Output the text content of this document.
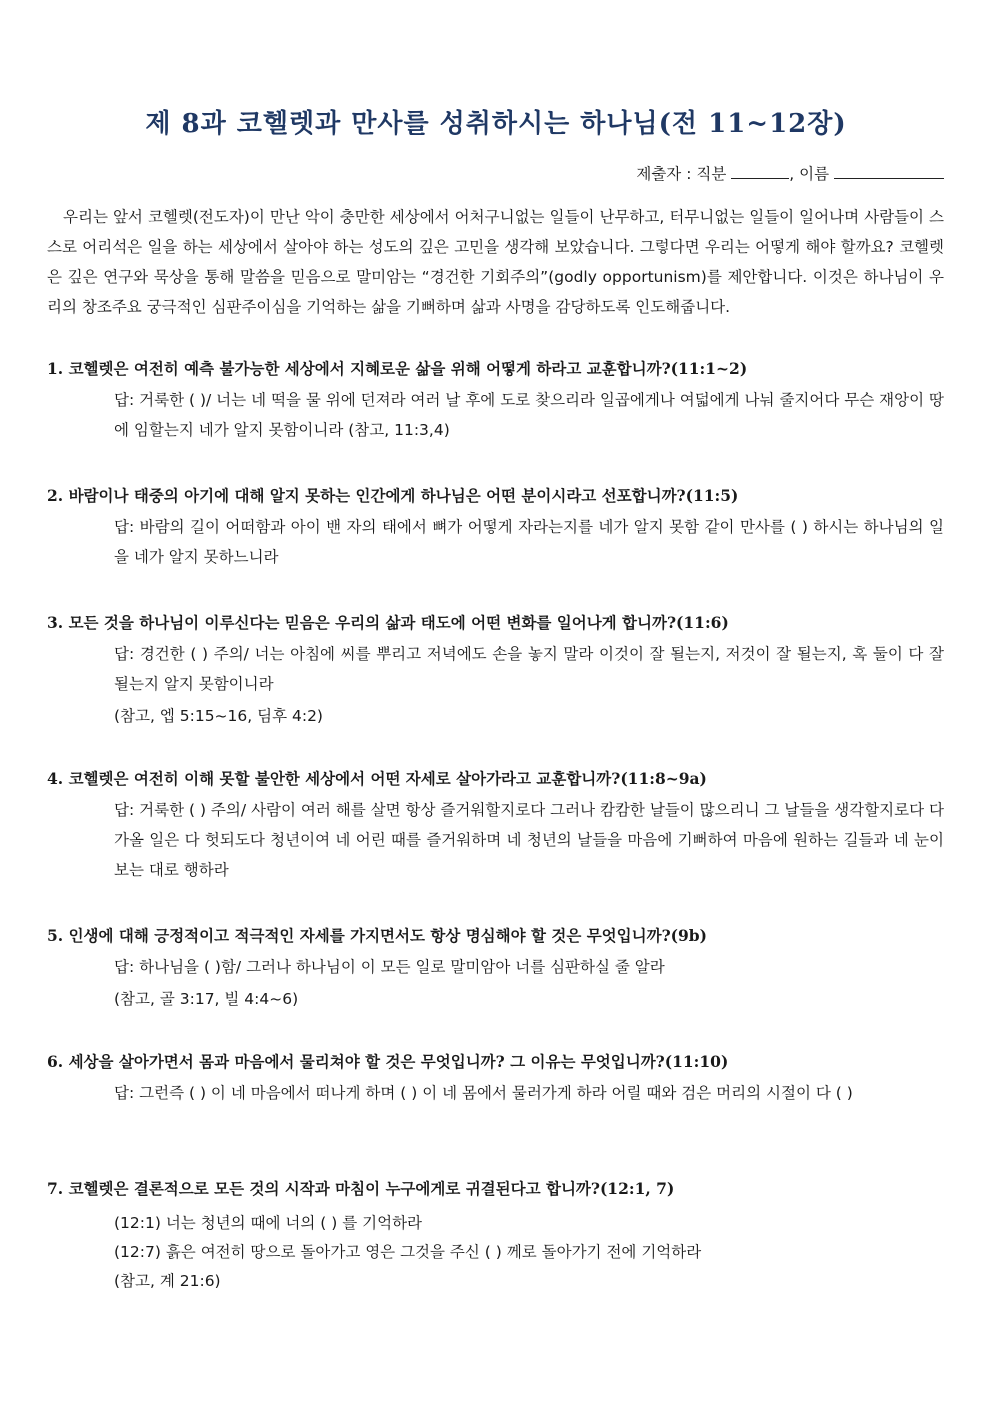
제 8과 코헬렛과 만사를 성취하시는 하나님(전 11~12장)
제출자 : 직분	, 이름

우리는 앞서 코헬렛(전도자)이 만난 악이 충만한 세상에서 어처구니없는 일들이 난무하고, 터무니없는 일들이 일어나며 사람들이 스스로 어리석은 일을 하는 세상에서 살아야 하는 성도의 깊은 고민을 생각해 보았습니다. 그렇다면 우리는 어떻게 해야 할까요? 코헬렛은 깊은 연구와 묵상을 통해 말씀을 믿음으로 말미암는 “경건한 기회주의”(godly opportunism)를 제안합니다. 이것은 하나님이 우리의 창조주요 궁극적인 심판주이심을 기억하는 삶을 기뻐하며 삶과 사명을 감당하도록 인도해줍니다.

1. 코헬렛은 여전히 예측 불가능한 세상에서 지혜로운 삶을 위해 어떻게 하라고 교훈합니까?(11:1~2)

답: 거룩한 ( )/ 너는 네 떡을 물 위에 던져라 여러 날 후에 도로 찾으리라 일곱에게나 여덟에게 나눠 줄지어다 무슨 재앙이 땅에 임할는지 네가 알지 못함이니라 (참고, 11:3,4)

2. 바람이나 태중의 아기에 대해 알지 못하는 인간에게 하나님은 어떤 분이시라고 선포합니까?(11:5)

답: 바람의 길이 어떠함과 아이 밴 자의 태에서 뼈가 어떻게 자라는지를 네가 알지 못함 같이 만사를 ( ) 하시는 하나님의 일을 네가 알지 못하느니라

3. 모든 것을 하나님이 이루신다는 믿음은 우리의 삶과 태도에 어떤 변화를 일어나게 합니까?(11:6)

답: 경건한 ( ) 주의/ 너는 아침에 씨를 뿌리고 저녁에도 손을 놓지 말라 이것이 잘 될는지, 저것이 잘 될는지, 혹 둘이 다 잘 될는지 알지 못함이니라

(참고, 엡 5:15~16, 딤후 4:2)

4. 코헬렛은 여전히 이해 못할 불안한 세상에서 어떤 자세로 살아가라고 교훈합니까?(11:8~9a)

답: 거룩한 ( ) 주의/ 사람이 여러 해를 살면 항상 즐거워할지로다 그러나 캄캄한 날들이 많으리니 그 날들을 생각할지로다 다가올 일은 다 헛되도다 청년이여 네 어린 때를 즐거워하며 네 청년의 날들을 마음에 기뻐하여 마음에 원하는 길들과 네 눈이 보는 대로 행하라

5. 인생에 대해 긍정적이고 적극적인 자세를 가지면서도 항상 명심해야 할 것은 무엇입니까?(9b)

답: 하나님을 ( )함/ 그러나 하나님이 이 모든 일로 말미암아 너를 심판하실 줄 알라

(참고, 골 3:17, 빌 4:4~6)

6. 세상을 살아가면서 몸과 마음에서 물리쳐야 할 것은 무엇입니까? 그 이유는 무엇입니까?(11:10)

답: 그런즉 ( ) 이 네 마음에서 떠나게 하며 ( ) 이 네 몸에서 물러가게 하라 어릴 때와 검은 머리의 시절이 다 ( )

7. 코헬렛은 결론적으로 모든 것의 시작과 마침이 누구에게로 귀결된다고 합니까?(12:1, 7)

(12:1) 너는 청년의 때에 너의 ( ) 를 기억하라

(12:7) 흙은 여전히 땅으로 돌아가고 영은 그것을 주신 ( ) 께로 돌아가기 전에 기억하라

(참고, 계 21:6)
